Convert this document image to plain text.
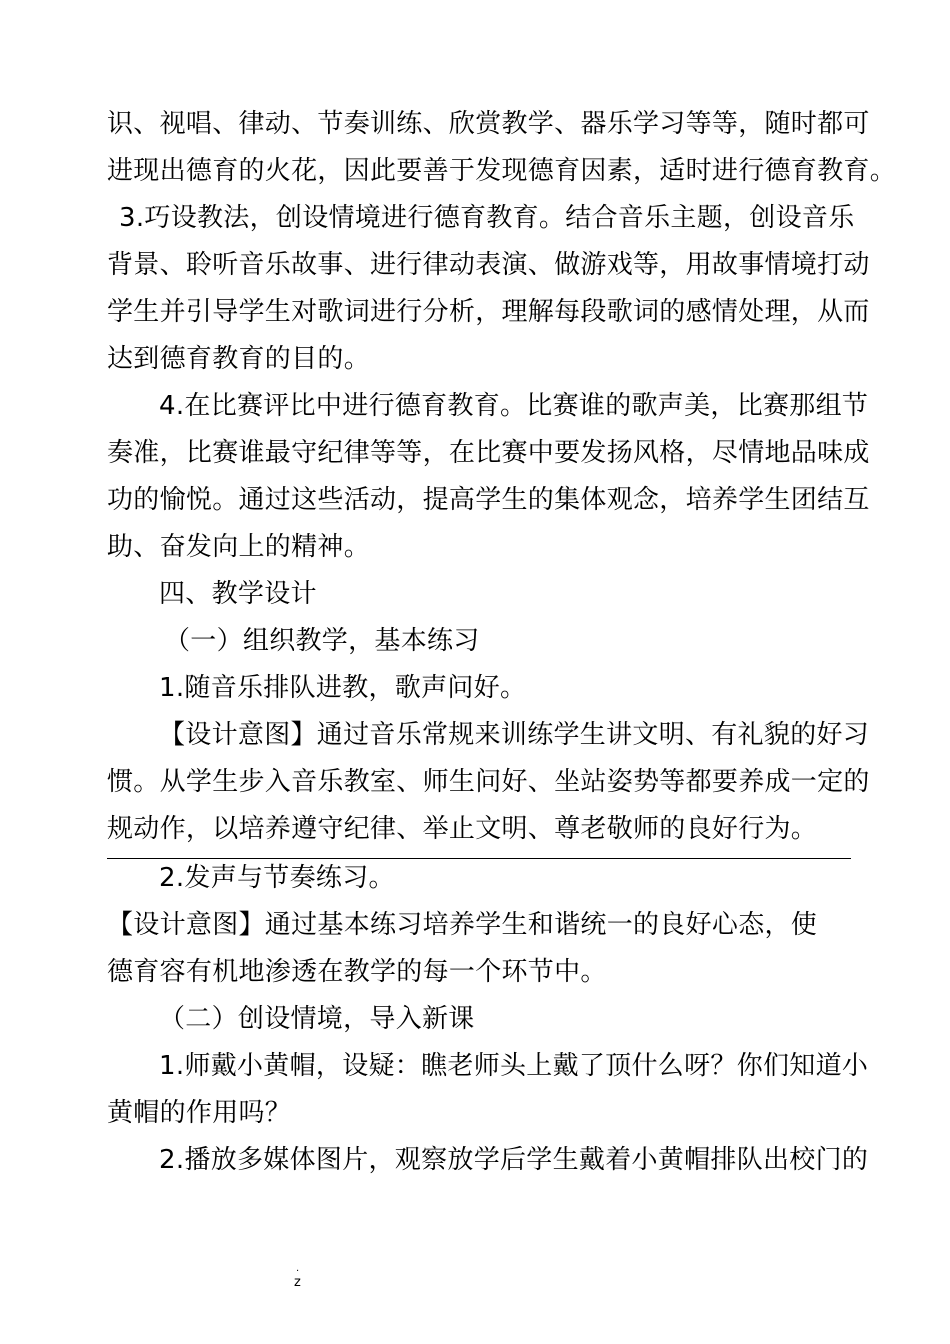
识、视唱、律动、节奏训练、欣赏教学、器乐学习等等，随时都可
进现出德育的火花，因此要善于发现德育因素，适时进行德育教育。
3.巧设教法，创设情境进行德育教育。结合音乐主题，创设音乐
背景、聆听音乐故事、进行律动表演、做游戏等，用故事情境打动
学生并引导学生对歌词进行分析，理解每段歌词的感情处理，从而
达到德育教育的目的。
4.在比赛评比中进行德育教育。比赛谁的歌声美，比赛那组节
奏准，比赛谁最守纪律等等，在比赛中要发扬风格，尽情地品味成
功的愉悦。通过这些活动，提高学生的集体观念，培养学生团结互
助、奋发向上的精神。
四、教学设计
（一）组织教学，基本练习
1.随音乐排队进教，歌声问好。
【设计意图】通过音乐常规来训练学生讲文明、有礼貌的好习
惯。从学生步入音乐教室、师生问好、坐站姿势等都要养成一定的
规动作，以培养遵守纪律、举止文明、尊老敬师的良好行为。
2.发声与节奏练习。
【设计意图】通过基本练习培养学生和谐统一的良好心态，使
德育容有机地渗透在教学的每一个环节中。
（二）创设情境，导入新课
1.师戴小黄帽，设疑：瞧老师头上戴了顶什么呀？你们知道小
黄帽的作用吗？
2.播放多媒体图片，观察放学后学生戴着小黄帽排队出校门的
.
z
